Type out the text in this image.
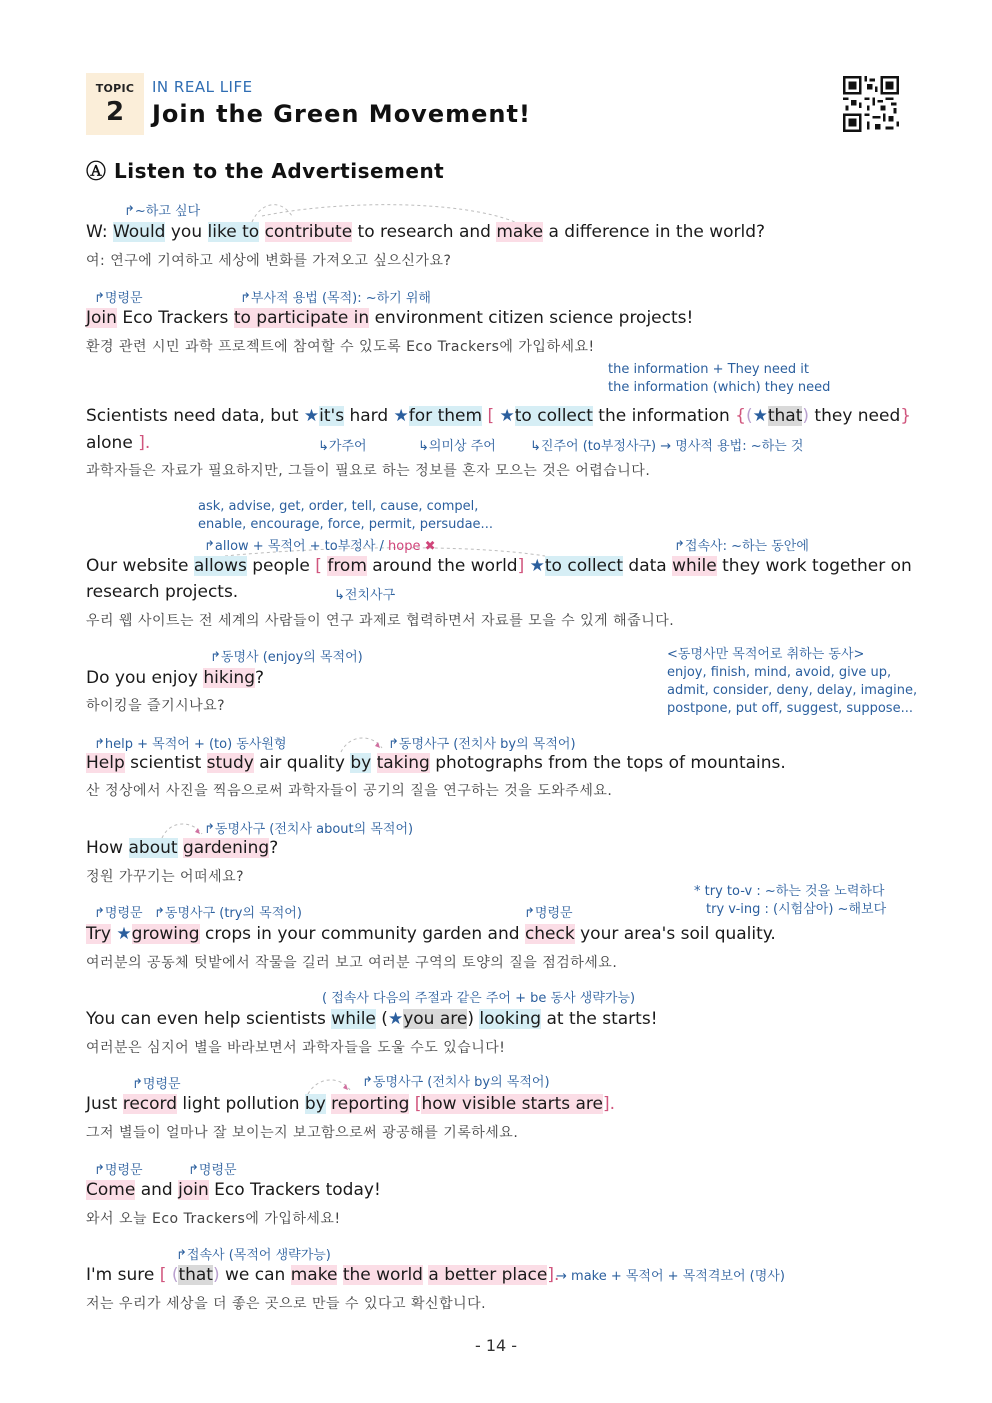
TOPIC
2
IN REAL LIFE
Join the Green Movement!
Ⓐ Listen to the Advertisement
↱~하고 싶다
W: Would you like to contribute to research and make a difference in the world?
여: 연구에 기여하고 세상에 변화를 가져오고 싶으신가요?
↱명령문	↱부사적 용법 (목적): ~하기 위해
Join Eco Trackers to participate in environment citizen science projects!
환경 관련 시민 과학 프로젝트에 참여할 수 있도록 Eco Trackers에 가입하세요!
the information + They need it
the information (which) they need
Scientists need data, but ★it's hard ★for them [ ★to collect the information {(★that) they need}
alone ].	↳가주어	↳의미상 주어	↳진주어 (to부정사구) → 명사적 용법: ~하는 것
과학자들은 자료가 필요하지만, 그들이 필요로 하는 정보를 혼자 모으는 것은 어렵습니다.
ask, advise, get, order, tell, cause, compel,
enable, encourage, force, permit, persudae...
↱allow + 목적어 + to부정사 / hope ✖	↱접속사: ~하는 동안에
Our website allows people [ from around the world] ★to collect data while they work together on
research projects.	↳전치사구
우리 웹 사이트는 전 세계의 사람들이 연구 과제로 협력하면서 자료를 모을 수 있게 해줍니다.
↱동명사 (enjoy의 목적어)	<동명사만 목적어로 취하는 동사>
enjoy, finish, mind, avoid, give up,
admit, consider, deny, delay, imagine,
postpone, put off, suggest, suppose...
Do you enjoy hiking?
하이킹을 즐기시나요?
↱help + 목적어 + (to) 동사원형	↱동명사구 (전치사 by의 목적어)
Help scientist study air quality by taking photographs from the tops of mountains.
산 정상에서 사진을 찍음으로써 과학자들이 공기의 질을 연구하는 것을 도와주세요.
↱동명사구 (전치사 about의 목적어)
How about gardening?
정원 가꾸기는 어떠세요?
* try to-v : ~하는 것을 노력하다
try v-ing : (시험삼아) ~해보다
↱명령문 ↱동명사구 (try의 목적어)	↱명령문
Try ★growing crops in your community garden and check your area's soil quality.
여러분의 공동체 텃밭에서 작물을 길러 보고 여러분 구역의 토양의 질을 점검하세요.
( 접속사 다음의 주절과 같은 주어 + be 동사 생략가능)
You can even help scientists while (★you are) looking at the starts!
여러분은 심지어 별을 바라보면서 과학자들을 도울 수도 있습니다!
↱명령문	↱동명사구 (전치사 by의 목적어)
Just record light pollution by reporting [how visible starts are].
그저 별들이 얼마나 잘 보이는지 보고함으로써 광공해를 기록하세요.
↱명령문	↱명령문
Come and join Eco Trackers today!
와서 오늘 Eco Trackers에 가입하세요!
↱접속사 (목적어 생략가능)
I'm sure [ (that) we can make the world a better place].
→ make + 목적어 + 목적격보어 (명사)
저는 우리가 세상을 더 좋은 곳으로 만들 수 있다고 확신합니다.
- 14 -
